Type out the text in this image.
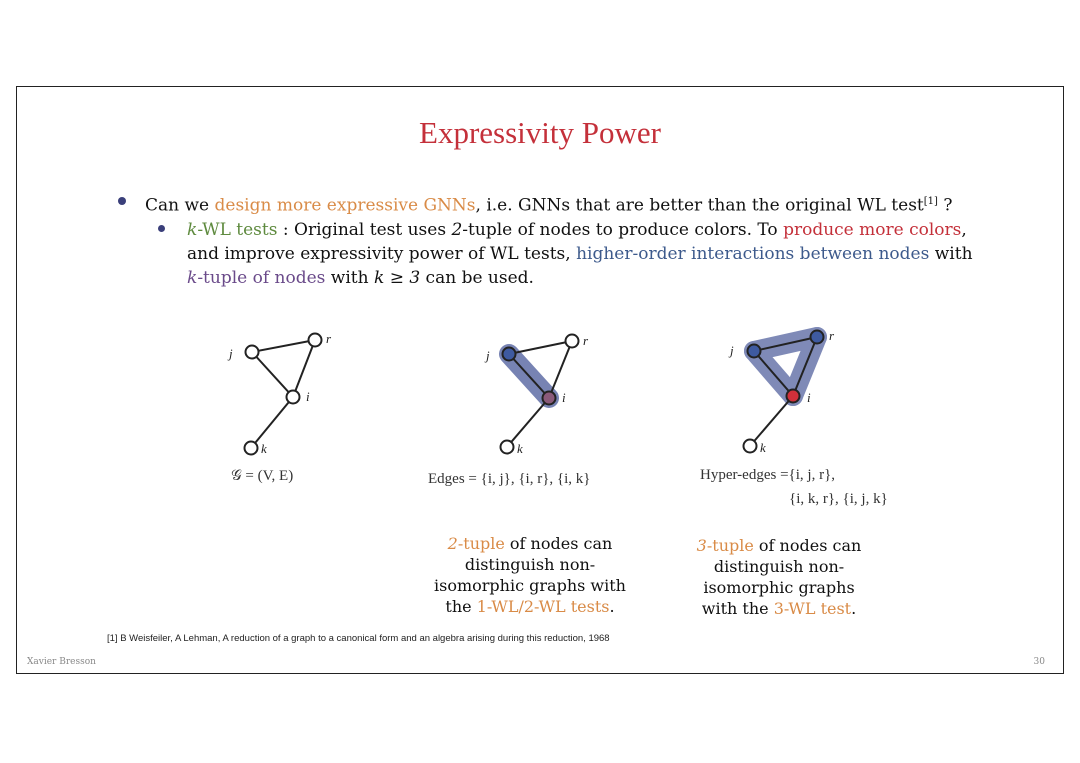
Expressivity Power
Can we design more expressive GNNs, i.e. GNNs that are better than the original WL test[1] ?
k-WL tests : Original test uses 2-tuple of nodes to produce colors. To produce more colors, and improve expressivity power of WL tests, higher-order interactions between nodes with k-tuple of nodes with k ≥ 3 can be used.
j
r
i
k
j
r
i
k
j
r
i
k
𝒢 = (V, E)	Edges = {i, j}, {i, r}, {i, k}	Hyper-edges ={i, j, r},
{i, k, r}, {i, j, k}
2-tuple of nodes can distinguish non-isomorphic graphs with the 1-WL/2-WL tests.
3-tuple of nodes can distinguish non-isomorphic graphs with the 3-WL test.
[1] B Weisfeiler, A Lehman, A reduction of a graph to a canonical form and an algebra arising during this reduction, 1968
Xavier Bresson	30
